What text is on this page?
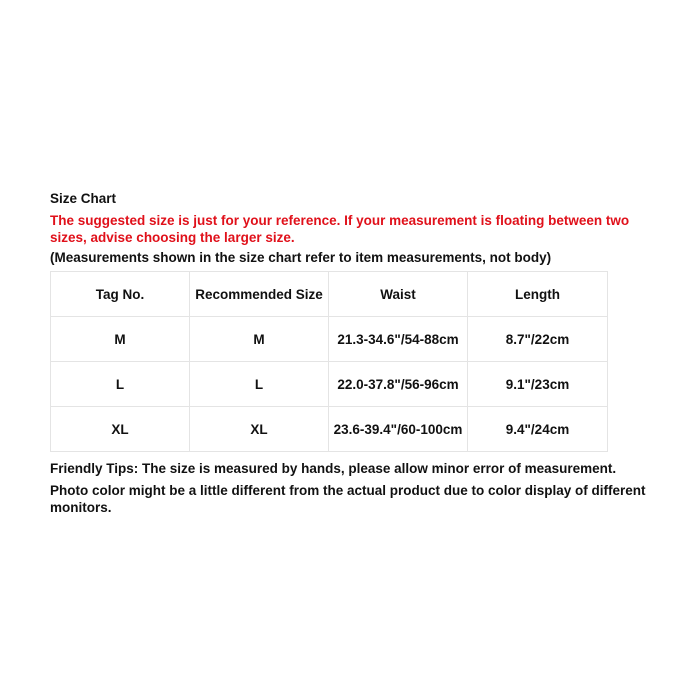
Size Chart
The suggested size is just for your reference. If your measurement is floating between two sizes, advise choosing the larger size.
(Measurements shown in the size chart refer to item measurements, not body)
Tag No.	Recommended Size	Waist	Length
M	M	21.3-34.6"/54-88cm	8.7"/22cm
L	L	22.0-37.8"/56-96cm	9.1"/23cm
XL	XL	23.6-39.4"/60-100cm	9.4"/24cm
Friendly Tips: The size is measured by hands, please allow minor error of measurement.
Photo color might be a little different from the actual product due to color display of different monitors.
